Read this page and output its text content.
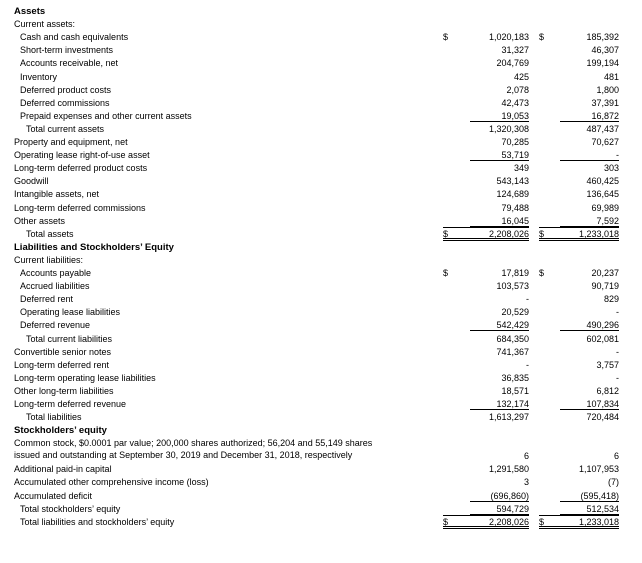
Assets
Current assets:
Cash and cash equivalents	1,020,183	185,392
$	$
Short-term investments	31,327	46,307
Accounts receivable, net	204,769	199,194
Inventory	425	481
Deferred product costs	2,078	1,800
Deferred commissions	42,473	37,391
Prepaid expenses and other current assets	19,053	16,872
Total current assets	1,320,308	487,437
Property and equipment, net	70,285	70,627
Operating lease right-of-use asset	53,719	-
Long-term deferred product costs	349	303
Goodwill	543,143	460,425
Intangible assets, net	124,689	136,645
Long-term deferred commissions	79,488	69,989
Other assets	16,045	7,592
Total assets	2,208,026	1,233,018
$	$
Liabilities and Stockholders’ Equity
Current liabilities:
Accounts payable	17,819	20,237
$	$
Accrued liabilities	103,573	90,719
Deferred rent	-	829
Operating lease liabilities	20,529	-
Deferred revenue	542,429	490,296
Total current liabilities	684,350	602,081
Convertible senior notes	741,367	-
Long-term deferred rent	-	3,757
Long-term operating lease liabilities	36,835	-
Other long-term liabilities	18,571	6,812
Long-term deferred revenue	132,174	107,834
Total liabilities	1,613,297	720,484
Stockholders’ equity
Common stock, $0.0001 par value; 200,000 shares authorized; 56,204 and 55,149 shares
issued and outstanding at September 30, 2019 and December 31, 2018, respectively	6	6
Additional paid-in capital	1,291,580	1,107,953
Accumulated other comprehensive income (loss)	3	(7)
Accumulated deficit	(696,860)	(595,418)
Total stockholders’ equity	594,729	512,534
Total liabilities and stockholders’ equity	2,208,026	1,233,018
$	$
